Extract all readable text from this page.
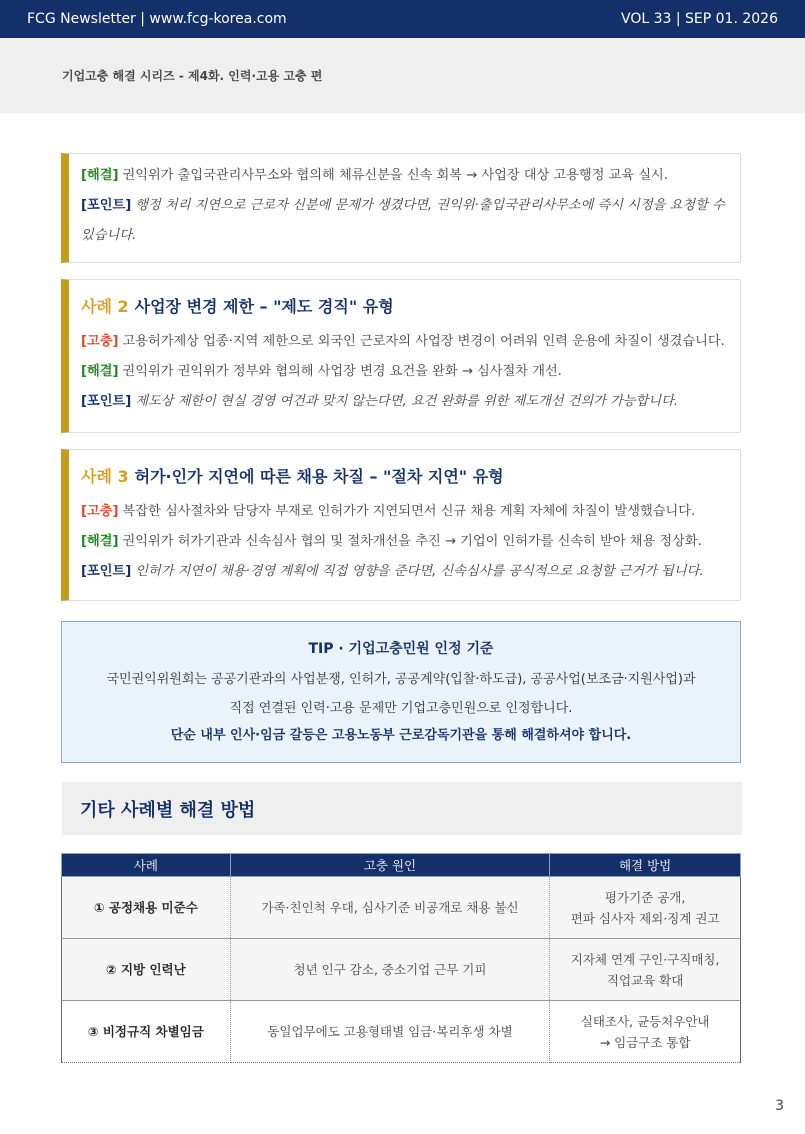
FCG Newsletter | www.fcg-korea.com	VOL 33 | SEP 01. 2026
기업고충 해결 시리즈 - 제4화. 인력·고용 고충 편
[해결] 권익위가 출입국관리사무소와 협의해 체류신분을 신속 회복 → 사업장 대상 고용행정 교육 실시.
[포인트] 행정 처리 지연으로 근로자 신분에 문제가 생겼다면, 권익위·출입국관리사무소에 즉시 시정을 요청할 수 있습니다.
사례 2 사업장 변경 제한 – "제도 경직" 유형
[고충] 고용허가제상 업종·지역 제한으로 외국인 근로자의 사업장 변경이 어려워 인력 운용에 차질이 생겼습니다.
[해결] 권익위가 권익위가 정부와 협의해 사업장 변경 요건을 완화 → 심사절차 개선.
[포인트] 제도상 제한이 현실 경영 여건과 맞지 않는다면, 요건 완화를 위한 제도개선 건의가 가능합니다.
사례 3 허가·인가 지연에 따른 채용 차질 – "절차 지연" 유형
[고충] 복잡한 심사절차와 담당자 부재로 인허가가 지연되면서 신규 채용 계획 자체에 차질이 발생했습니다.
[해결] 권익위가 허가기관과 신속심사 협의 및 절차개선을 추진 → 기업이 인허가를 신속히 받아 채용 정상화.
[포인트] 인허가 지연이 채용·경영 계획에 직접 영향을 준다면, 신속심사를 공식적으로 요청할 근거가 됩니다.
TIP · 기업고충민원 인정 기준
국민권익위원회는 공공기관과의 사업분쟁, 인허가, 공공계약(입찰·하도급), 공공사업(보조금·지원사업)과
직접 연결된 인력·고용 문제만 기업고충민원으로 인정합니다.
단순 내부 인사·임금 갈등은 고용노동부 근로감독기관을 통해 해결하셔야 합니다.
기타 사례별 해결 방법
사례	고충 원인	해결 방법
① 공정채용 미준수	가족·친인척 우대, 심사기준 비공개로 채용 불신	평가기준 공개,
편파 심사자 제외·징계 권고
② 지방 인력난	청년 인구 감소, 중소기업 근무 기피	지자체 연계 구인·구직매칭,
직업교육 확대
③ 비정규직 차별임금	동일업무에도 고용형태별 임금·복리후생 차별	실태조사, 균등처우안내
→ 임금구조 통합
3
